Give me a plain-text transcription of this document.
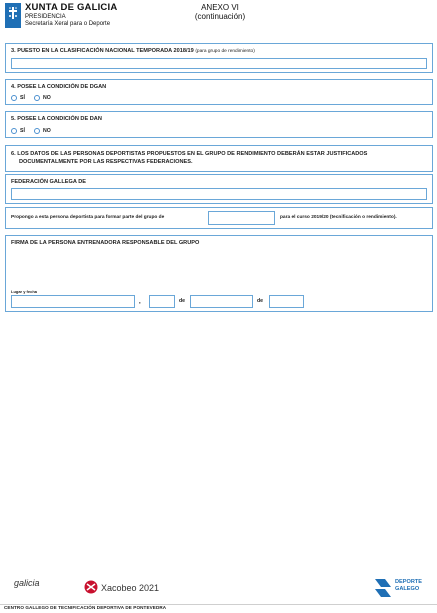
XUNTA DE GALICIA
PRESIDENCIA
Secretaría Xeral para o Deporte
ANEXO VI
(continuación)
3. PUESTO EN LA CLASIFICACIÓN NACIONAL TEMPORADA 2018/19 (para grupo de rendimiento)
4. POSEE LA CONDICIÓN DE DGAN
SÍ	NO
5. POSEE LA CONDICIÓN DE DAN
SÍ	NO
6. LOS DATOS DE LAS PERSONAS DEPORTISTAS PROPUESTOS EN EL GRUPO DE RENDIMIENTO DEBERÁN ESTAR JUSTIFICADOS
DOCUMENTALMENTE POR LAS RESPECTIVAS FEDERACIONES.
FEDERACIÓN GALLEGA DE
Propongo a esta persona deportista para formar parte del grupo de	para el curso 2019/20 (tecnificación o rendimiento).
FIRMA DE LA PERSONA ENTRENADORA RESPONSABLE DEL GRUPO
Lugar y fecha
,	de	de
galicia	Xacobeo 2021
DEPORTE
GALEGO
CENTRO GALLEGO DE TECNIFICACIÓN DEPORTIVA DE PONTEVEDRA
